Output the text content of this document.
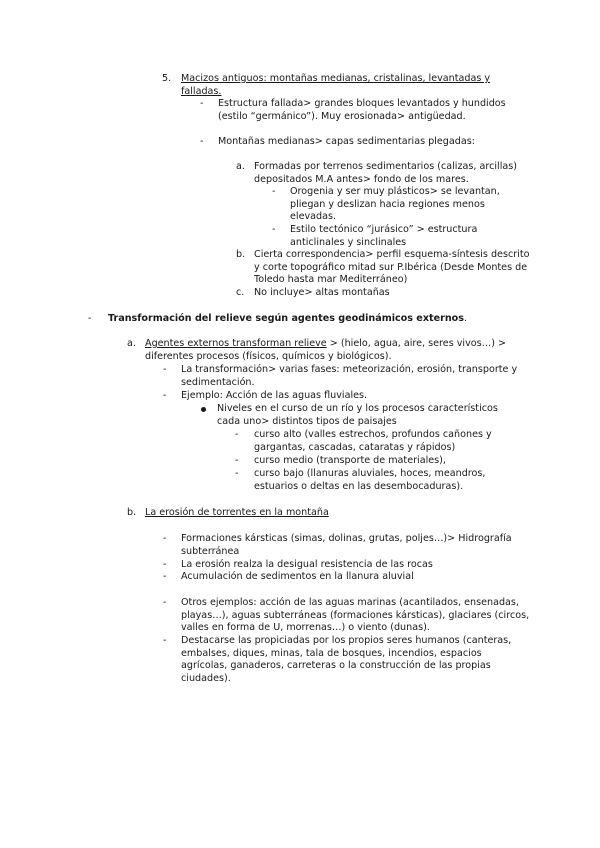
5. Macizos antiguos: montañas medianas, cristalinas, levantadas y falladas.
- Estructura fallada> grandes bloques levantados y hundidos (estilo “germánico”). Muy erosionada> antigüedad.
- Montañas medianas> capas sedimentarias plegadas:
a. Formadas por terrenos sedimentarios (calizas, arcillas) depositados M.A antes> fondo de los mares.
- Orogenia y ser muy plásticos> se levantan, pliegan y deslizan hacia regiones menos elevadas.
- Estilo tectónico “jurásico” > estructura anticlinales y sinclinales
b. Cierta correspondencia> perfil esquema-síntesis descrito y corte topográfico mitad sur P.Ibérica (Desde Montes de Toledo hasta mar Mediterráneo)
c. No incluye> altas montañas
- Transformación del relieve según agentes geodinámicos externos.
a. Agentes externos transforman relieve > (hielo, agua, aire, seres vivos…) > diferentes procesos (físicos, químicos y biológicos).
- La transformación> varias fases: meteorización, erosión, transporte y sedimentación.
- Ejemplo: Acción de las aguas fluviales.
Niveles en el curso de un río y los procesos característicos cada uno> distintos tipos de paisajes
- curso alto (valles estrechos, profundos cañones y gargantas, cascadas, cataratas y rápidos)
- curso medio (transporte de materiales),
- curso bajo (llanuras aluviales, hoces, meandros, estuarios o deltas en las desembocaduras).
b. La erosión de torrentes en la montaña
- Formaciones kársticas (simas, dolinas, grutas, poljes…)> Hidrografía subterránea
- La erosión realza la desigual resistencia de las rocas
- Acumulación de sedimentos en la llanura aluvial
- Otros ejemplos: acción de las aguas marinas (acantilados, ensenadas, playas…), aguas subterráneas (formaciones kársticas), glaciares (circos, valles en forma de U, morrenas…) o viento (dunas).
- Destacarse las propiciadas por los propios seres humanos (canteras, embalses, diques, minas, tala de bosques, incendios, espacios agrícolas, ganaderos, carreteras o la construcción de las propias ciudades).
